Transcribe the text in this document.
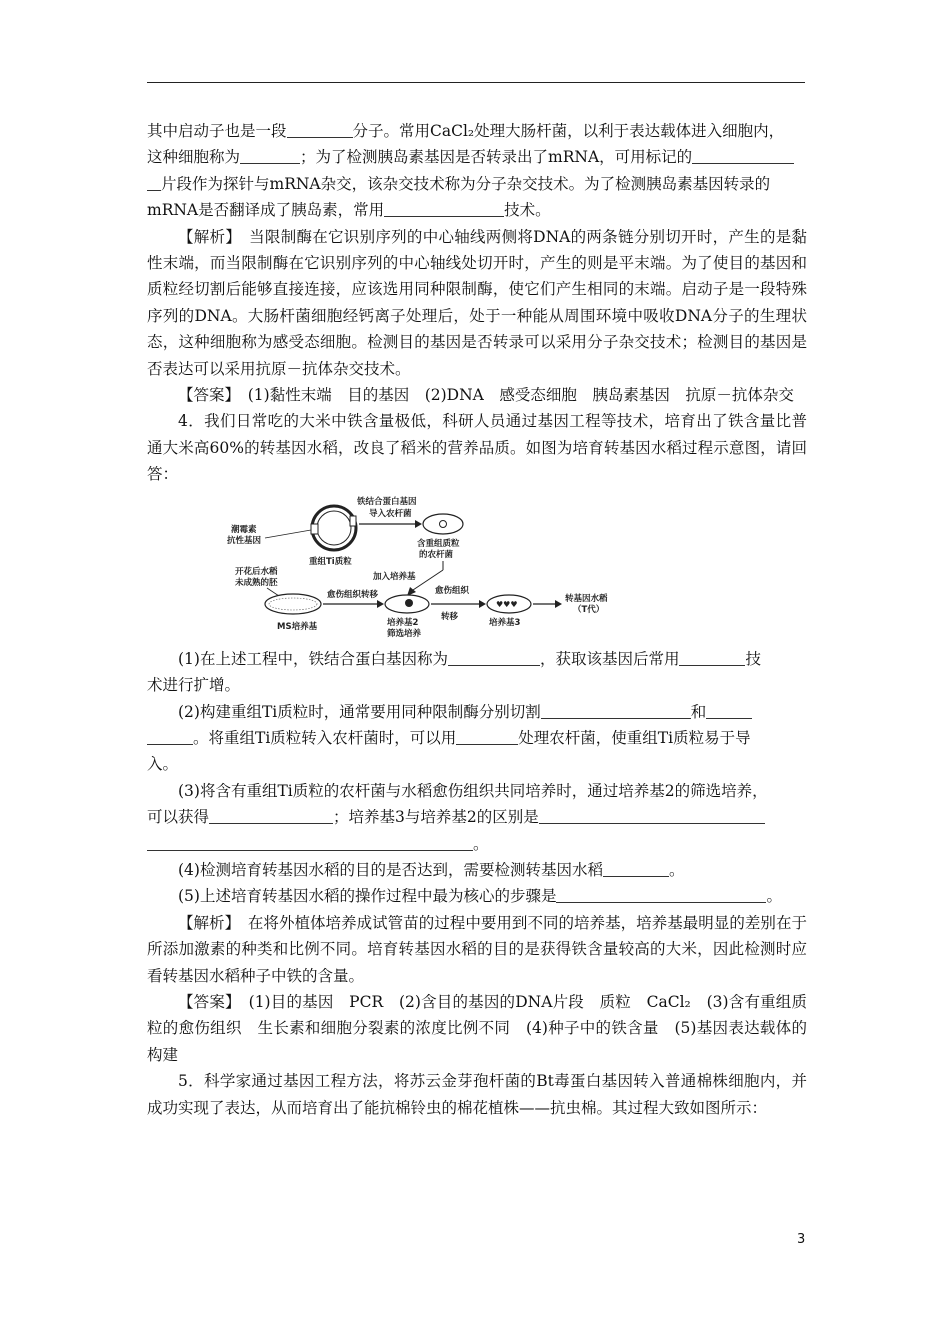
其中启动子也是一段	分子。常用CaCl₂处理大肠杆菌，以利于表达载体进入细胞内，

这种细胞称为	；为了检测胰岛素基因是否转录出了mRNA，可用标记的

片段作为探针与mRNA杂交，该杂交技术称为分子杂交技术。为了检测胰岛素基因转录的

mRNA是否翻译成了胰岛素，常用	技术。

【解析】　当限制酶在它识别序列的中心轴线两侧将DNA的两条链分别切开时，产生的是黏性末端，而当限制酶在它识别序列的中心轴线处切开时，产生的则是平末端。为了使目的基因和质粒经切割后能够直接连接，应该选用同种限制酶，使它们产生相同的末端。启动子是一段特殊序列的DNA。大肠杆菌细胞经钙离子处理后，处于一种能从周围环境中吸收DNA分子的生理状态，这种细胞称为感受态细胞。检测目的基因是否转录可以采用分子杂交技术；检测目的基因是否表达可以采用抗原－抗体杂交技术。

【答案】　(1)黏性末端　目的基因　(2)DNA　感受态细胞　胰岛素基因　抗原－抗体杂交

4．我们日常吃的大米中铁含量极低，科研人员通过基因工程等技术，培育出了铁含量比普通大米高60%的转基因水稻，改良了稻米的营养品质。如图为培育转基因水稻过程示意图，请回答：

铁结合蛋白基因
导入农杆菌
潮霉素
抗性基因
重组Ti质粒
含重组质粒
的农杆菌
加入培养基
开花后水稻
未成熟的胚
MS培养基
愈伤组织转移
培养基2
筛选培养
愈伤组织
转移
♥♥♥
培养基3
转基因水稻
（T代）

(1)在上述工程中，铁结合蛋白基因称为	，获取该基因后常用	技

术进行扩增。

(2)构建重组Ti质粒时，通常要用同种限制酶分别切割	和

。将重组Ti质粒转入农杆菌时，可以用	处理农杆菌，使重组Ti质粒易于导

入。

(3)将含有重组Ti质粒的农杆菌与水稻愈伤组织共同培养时，通过培养基2的筛选培养，

可以获得	；培养基3与培养基2的区别是

。

(4)检测培育转基因水稻的目的是否达到，需要检测转基因水稻	。

(5)上述培育转基因水稻的操作过程中最为核心的步骤是	。

【解析】　在将外植体培养成试管苗的过程中要用到不同的培养基，培养基最明显的差别在于所添加激素的种类和比例不同。培育转基因水稻的目的是获得铁含量较高的大米，因此检测时应看转基因水稻种子中铁的含量。

【答案】　(1)目的基因　PCR　(2)含目的基因的DNA片段　质粒　CaCl₂　(3)含有重组质粒的愈伤组织　生长素和细胞分裂素的浓度比例不同　(4)种子中的铁含量　(5)基因表达载体的构建

5．科学家通过基因工程方法，将苏云金芽孢杆菌的Bt毒蛋白基因转入普通棉株细胞内，并成功实现了表达，从而培育出了能抗棉铃虫的棉花植株——抗虫棉。其过程大致如图所示：

3
